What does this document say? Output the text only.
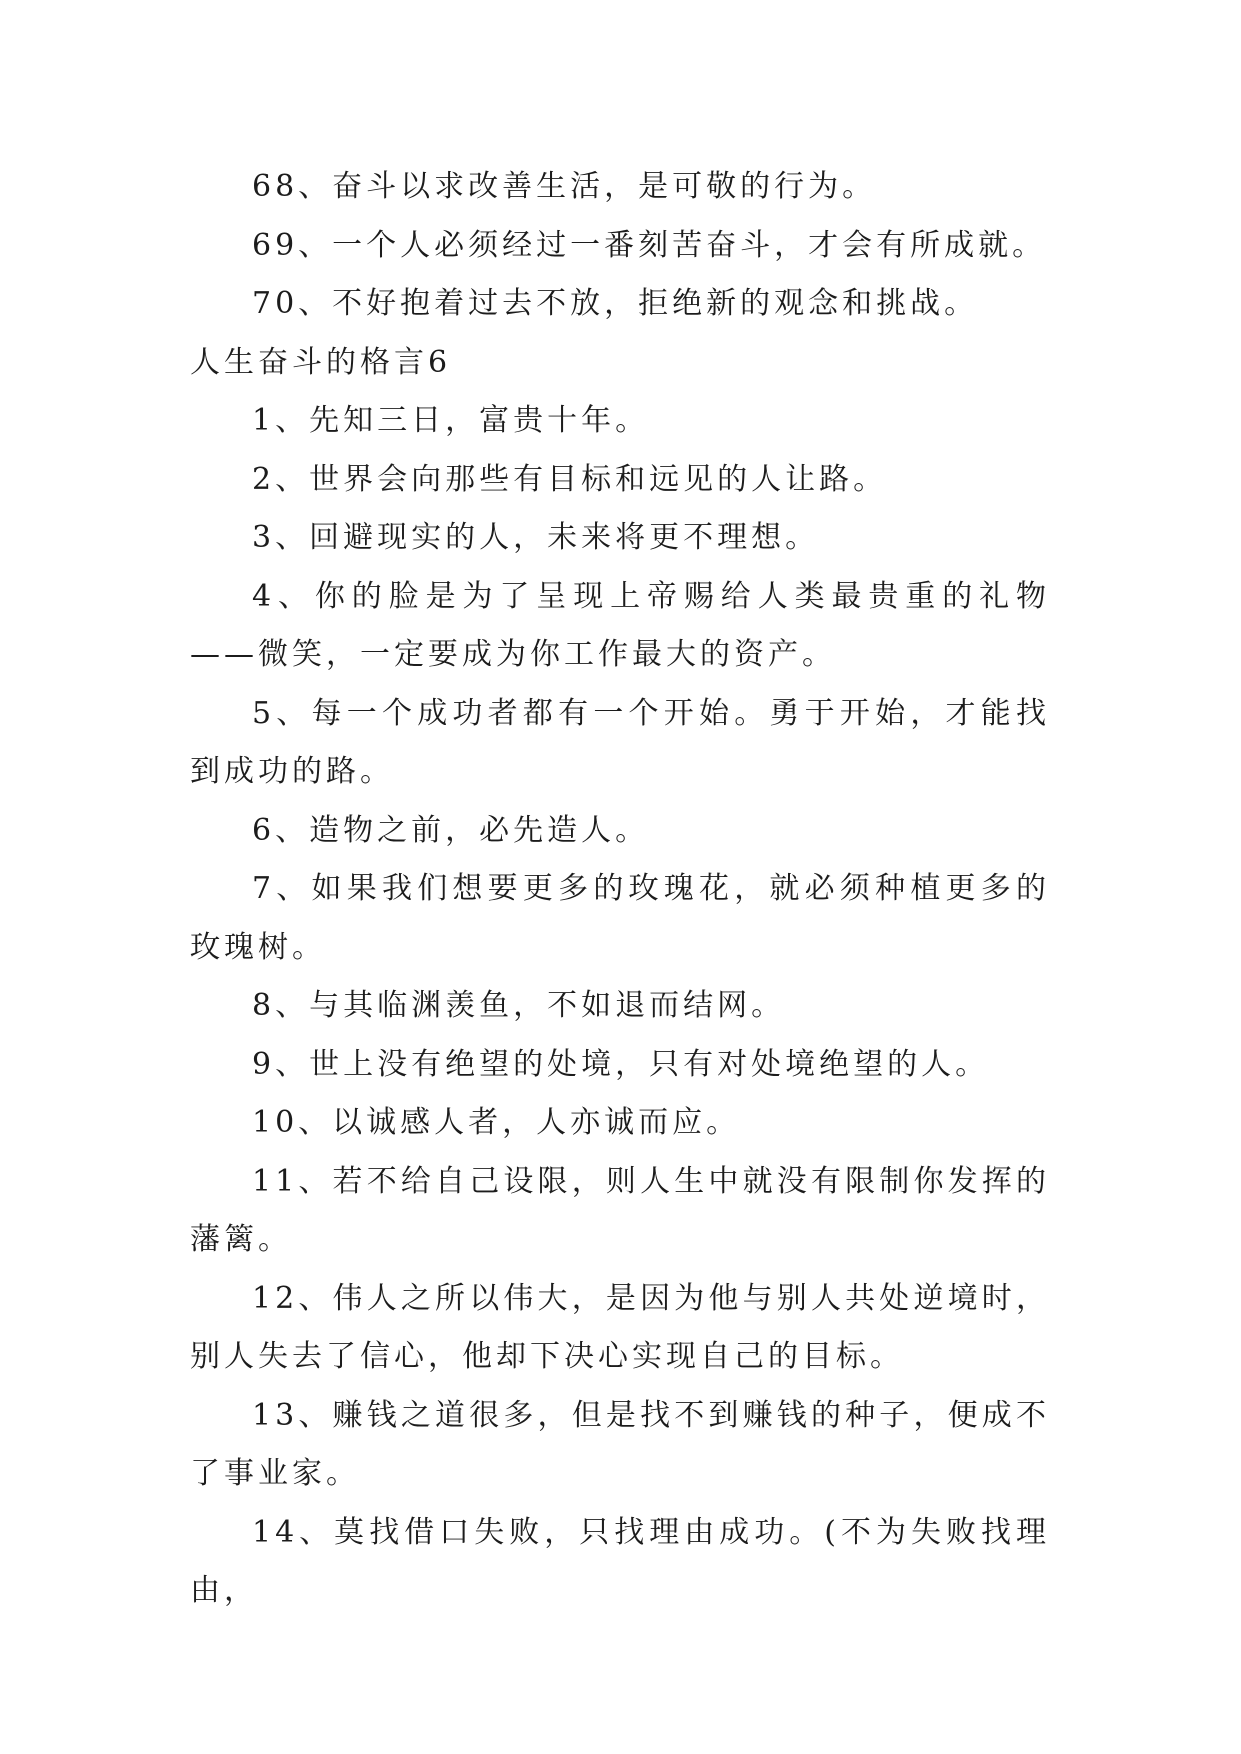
68、奋斗以求改善生活，是可敬的行为。

69、一个人必须经过一番刻苦奋斗，才会有所成就。

70、不好抱着过去不放，拒绝新的观念和挑战。

人生奋斗的格言6

1、先知三日，富贵十年。

2、世界会向那些有目标和远见的人让路。

3、回避现实的人，未来将更不理想。

4、你的脸是为了呈现上帝赐给人类最贵重的礼物——微笑，一定要成为你工作最大的资产。

5、每一个成功者都有一个开始。勇于开始，才能找到成功的路。

6、造物之前，必先造人。

7、如果我们想要更多的玫瑰花，就必须种植更多的玫瑰树。

8、与其临渊羡鱼，不如退而结网。

9、世上没有绝望的处境，只有对处境绝望的人。

10、以诚感人者，人亦诚而应。

11、若不给自己设限，则人生中就没有限制你发挥的藩篱。

12、伟人之所以伟大，是因为他与别人共处逆境时，别人失去了信心，他却下决心实现自己的目标。

13、赚钱之道很多，但是找不到赚钱的种子，便成不了事业家。

14、莫找借口失败，只找理由成功。(不为失败找理由，
